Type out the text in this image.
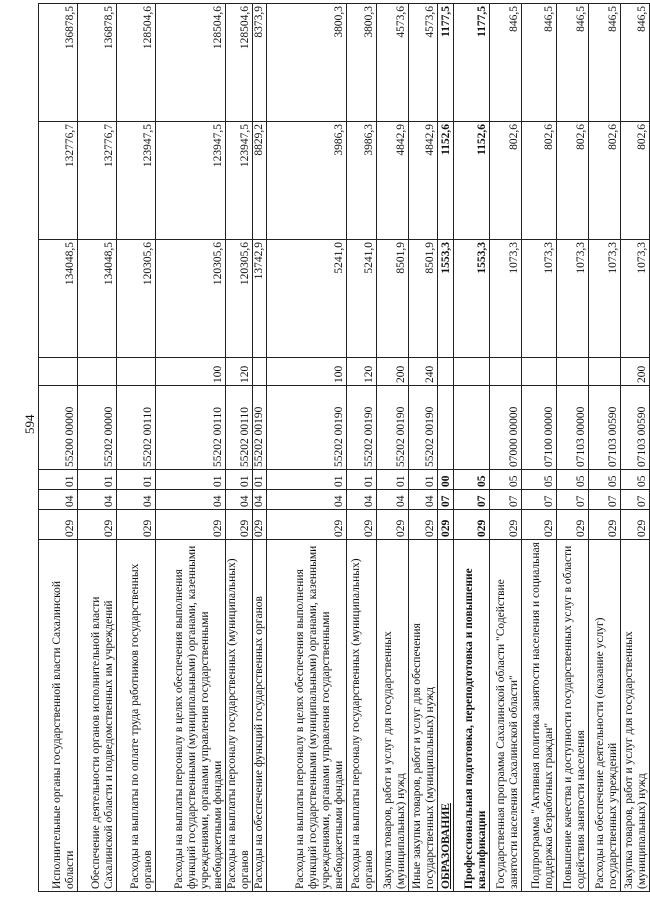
594
Исполнительные органы государственной власти Сахалинской области	029	04	01	55200 00000		134048,5	132776,7	136878,5
Обеспечение деятельности органов исполнительной власти Сахалинской области и подведомственных им учреждений	029	04	01	55202 00000		134048,5	132776,7	136878,5
Расходы на выплаты по оплате труда работников государственных органов	029	04	01	55202 00110		120305,6	123947,5	128504,6
Расходы на выплаты персоналу в целях обеспечения выполнения функций государственными (муниципальными) органами, казенными учреждениями, органами управления государственными внебюджетными фондами	029	04	01	55202 00110	100	120305,6	123947,5	128504,6
Расходы на выплаты персоналу государственных (муниципальных) органов	029	04	01	55202 00110	120	120305,6	123947,5	128504,6
Расходы на обеспечение функций государственных органов	029	04	01	55202 00190		13742,9	8829,2	8373,9
Расходы на выплаты персоналу в целях обеспечения выполнения функций государственными (муниципальными) органами, казенными учреждениями, органами управления государственными внебюджетными фондами	029	04	01	55202 00190	100	5241,0	3986,3	3800,3
Расходы на выплаты персоналу государственных (муниципальных) органов	029	04	01	55202 00190	120	5241,0	3986,3	3800,3
Закупка товаров, работ и услуг для государственных (муниципальных) нужд	029	04	01	55202 00190	200	8501,9	4842,9	4573,6
Иные закупки товаров, работ и услуг для обеспечения государственных (муниципальных) нужд	029	04	01	55202 00190	240	8501,9	4842,9	4573,6
ОБРАЗОВАНИЕ	029	07	00			1553,3	1152,6	1177,5
Профессиональная подготовка, переподготовка и повышение квалификации	029	07	05			1553,3	1152,6	1177,5
Государственная программа Сахалинской области "Содействие занятости населения Сахалинской области"	029	07	05	07000 00000		1073,3	802,6	846,5
Подпрограмма "Активная политика занятости населения и социальная поддержка безработных граждан"	029	07	05	07100 00000		1073,3	802,6	846,5
Повышение качества и доступности государственных услуг в области содействия занятости населения	029	07	05	07103 00000		1073,3	802,6	846,5
Расходы на обеспечение деятельности (оказание услуг) государственных учреждений	029	07	05	07103 00590		1073,3	802,6	846,5
Закупка товаров, работ и услуг для государственных (муниципальных) нужд	029	07	05	07103 00590	200	1073,3	802,6	846,5
